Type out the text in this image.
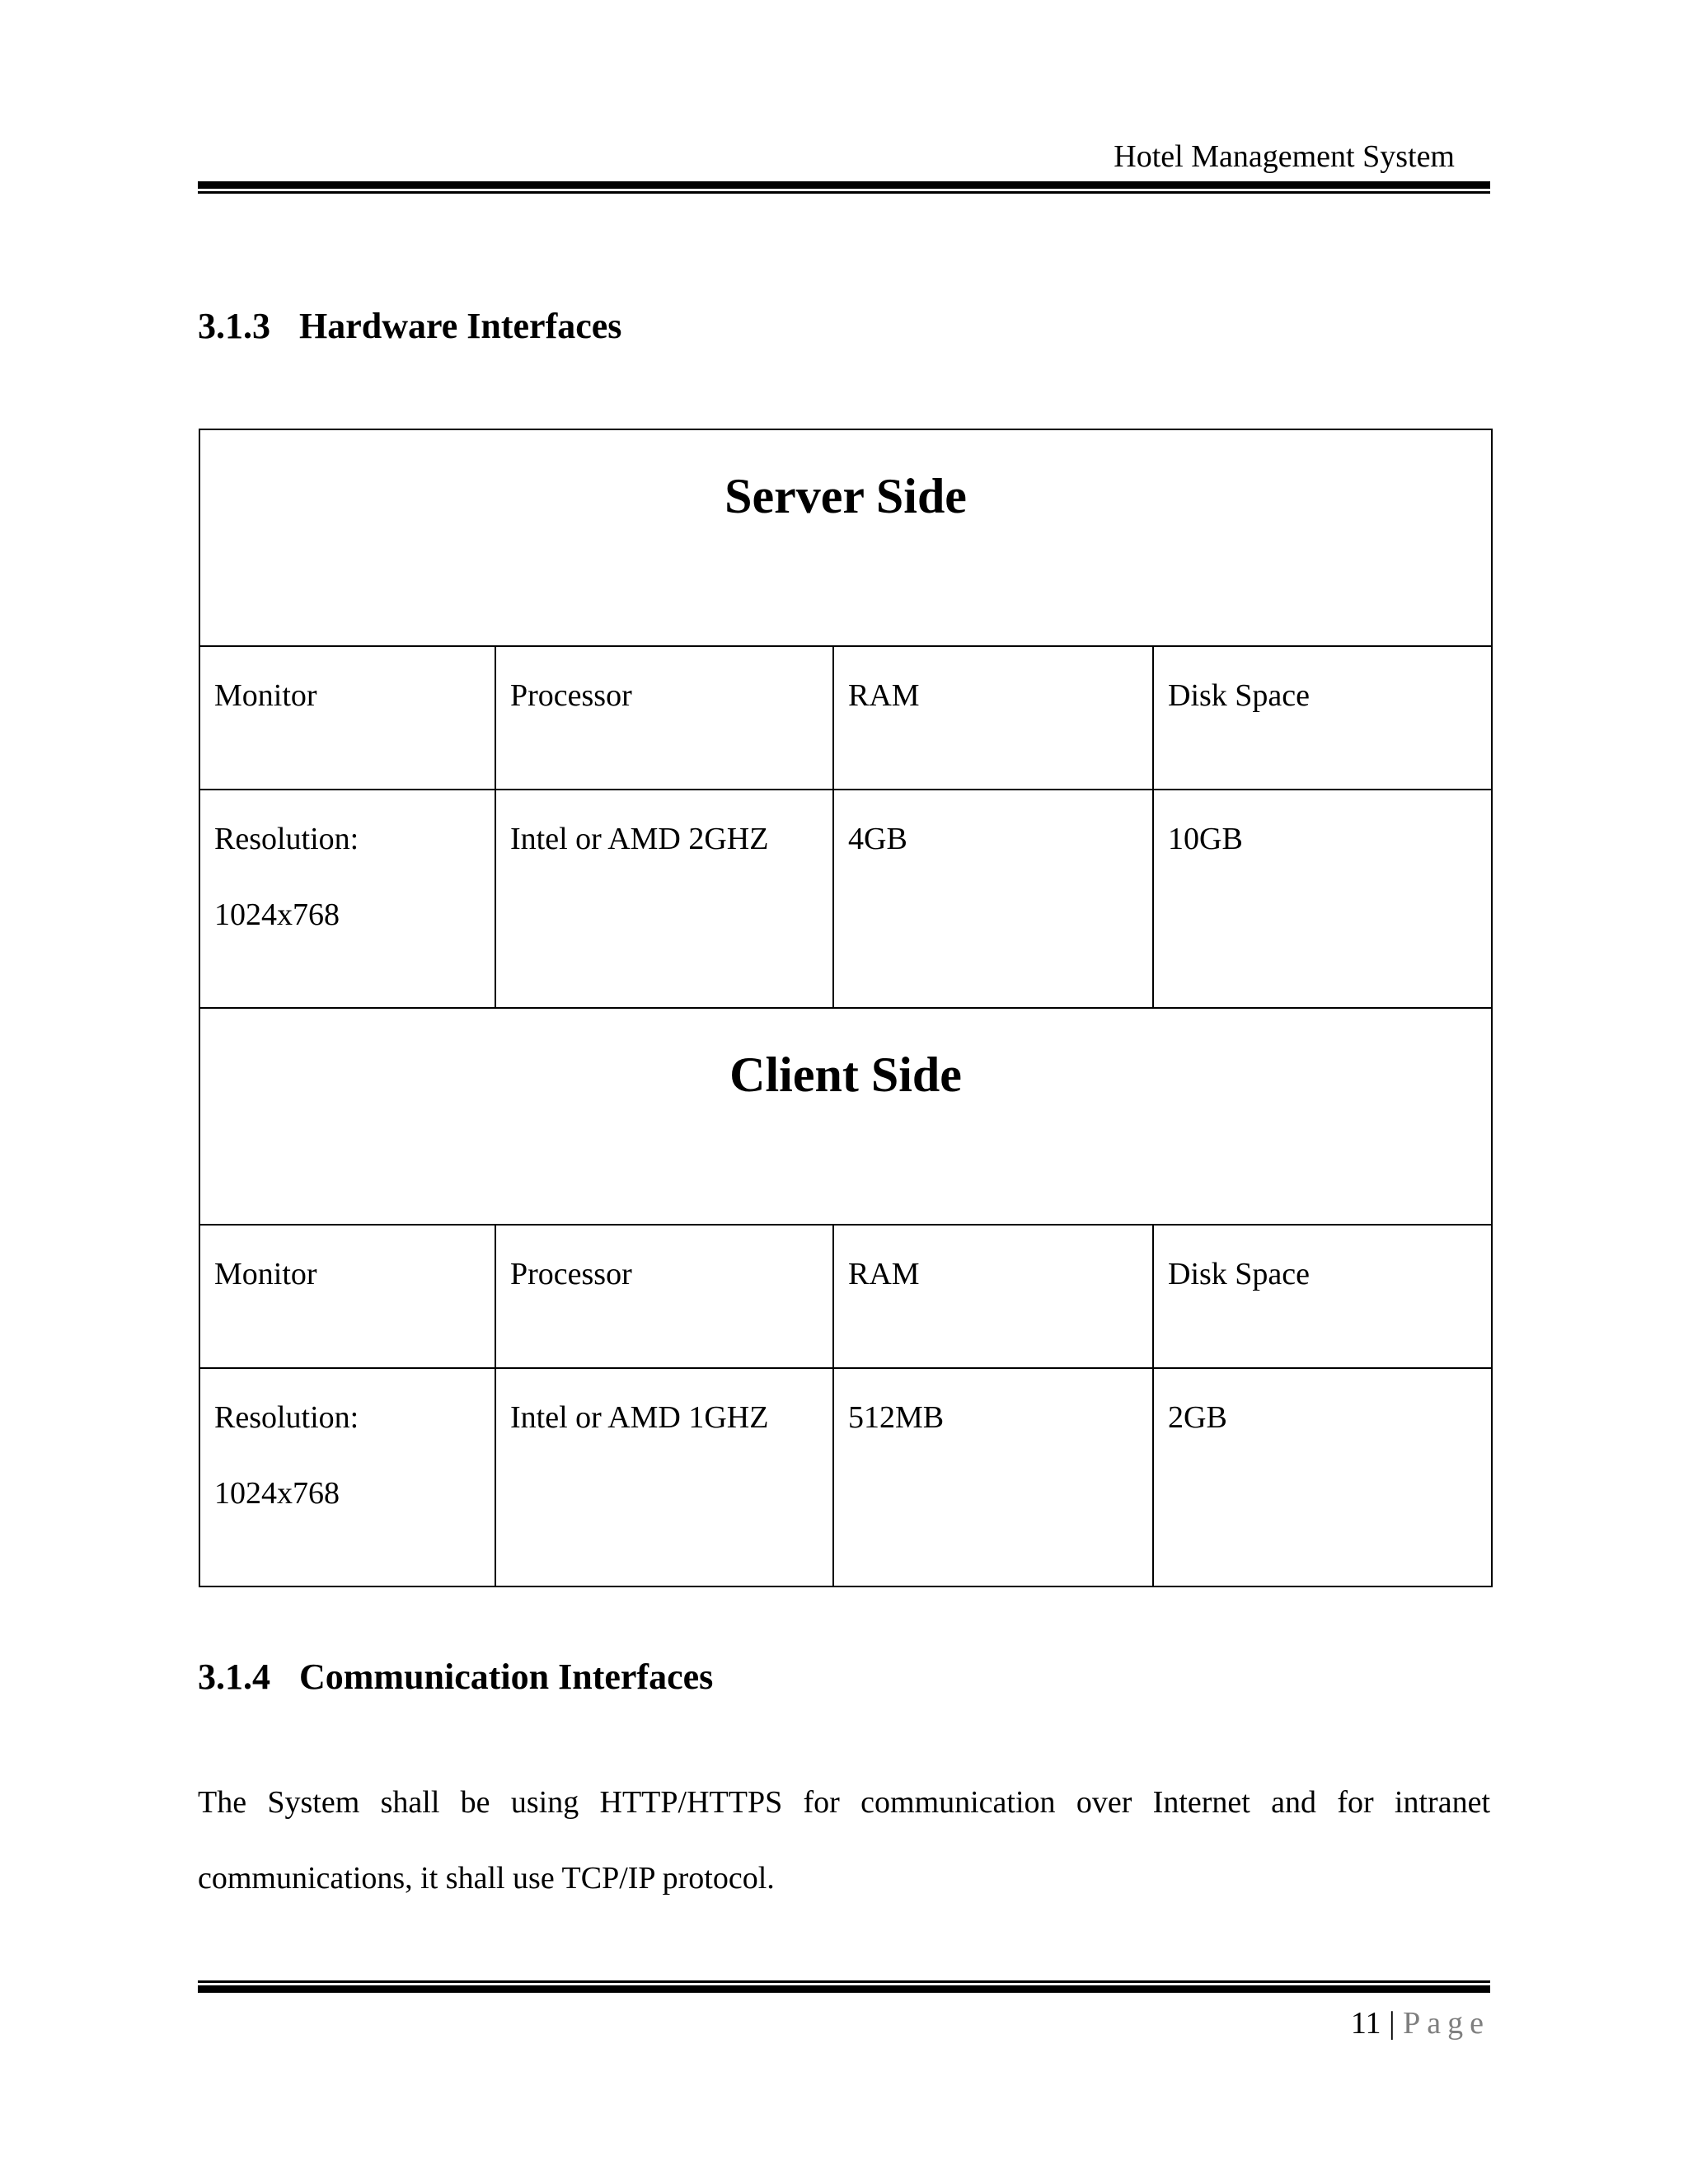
Hotel Management System
3.1.3 Hardware Interfaces
Server Side			
Monitor	Processor	RAM	Disk Space

Resolution:
1024x768	Intel or AMD 2GHZ	4GB	10GB
Client Side			
Monitor	Processor	RAM	Disk Space

Resolution:
1024x768	Intel or AMD 1GHZ	512MB	2GB
3.1.4 Communication Interfaces
The System shall be using HTTP/HTTPS for communication over Internet and for intranet
communications, it shall use TCP/IP protocol.
11 | Page
